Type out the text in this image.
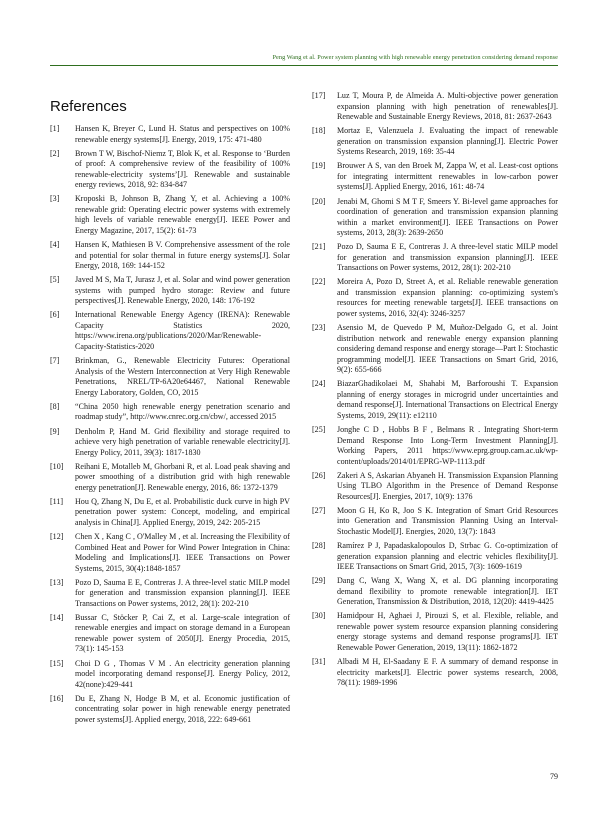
Peng Wang et al. Power system planning with high renewable energy penetration considering demand response
References
[1]	Hansen K, Breyer C, Lund H. Status and perspectives on 100% renewable energy systems[J]. Energy, 2019, 175: 471-480
[2]	Brown T W, Bischof-Niemz T, Blok K, et al. Response to ‘Burden of proof: A comprehensive review of the feasibility of 100% renewable-electricity systems’[J]. Renewable and sustainable energy reviews, 2018, 92: 834-847
[3]	Kroposki B, Johnson B, Zhang Y, et al. Achieving a 100% renewable grid: Operating electric power systems with extremely high levels of variable renewable energy[J]. IEEE Power and Energy Magazine, 2017, 15(2): 61-73
[4]	Hansen K, Mathiesen B V. Comprehensive assessment of the role and potential for solar thermal in future energy systems[J]. Solar Energy, 2018, 169: 144-152
[5]	Javed M S, Ma T, Jurasz J, et al. Solar and wind power generation systems with pumped hydro storage: Review and future perspectives[J]. Renewable Energy, 2020, 148: 176-192
[6]	International Renewable Energy Agency (IRENA): Renewable Capacity Statistics 2020, https://www.irena.org/publications/2020/Mar/Renewable-Capacity-Statistics-2020
[7]	Brinkman, G., Renewable Electricity Futures: Operational Analysis of the Western Interconnection at Very High Renewable Penetrations, NREL/TP-6A20e64467, National Renewable Energy Laboratory, Golden, CO, 2015
[8]	“China 2050 high renewable energy penetration scenario and roadmap study”, http://www.cnrec.org.cn/cbw/, accessed 2015
[9]	Denholm P, Hand M. Grid flexibility and storage required to achieve very high penetration of variable renewable electricity[J]. Energy Policy, 2011, 39(3): 1817-1830
[10]	Reihani E, Motalleb M, Ghorbani R, et al. Load peak shaving and power smoothing of a distribution grid with high renewable energy penetration[J]. Renewable energy, 2016, 86: 1372-1379
[11]	Hou Q, Zhang N, Du E, et al. Probabilistic duck curve in high PV penetration power system: Concept, modeling, and empirical analysis in China[J]. Applied Energy, 2019, 242: 205-215
[12]	Chen X , Kang C , O'Malley M , et al. Increasing the Flexibility of Combined Heat and Power for Wind Power Integration in China: Modeling and Implications[J]. IEEE Transactions on Power Systems, 2015, 30(4):1848-1857
[13]	Pozo D, Sauma E E, Contreras J. A three-level static MILP model for generation and transmission expansion planning[J]. IEEE Transactions on Power systems, 2012, 28(1): 202-210
[14]	Bussar C, Stöcker P, Cai Z, et al. Large-scale integration of renewable energies and impact on storage demand in a European renewable power system of 2050[J]. Energy Procedia, 2015, 73(1): 145-153
[15]	Choi D G , Thomas V M . An electricity generation planning model incorporating demand response[J]. Energy Policy, 2012, 42(none):429-441
[16]	Du E, Zhang N, Hodge B M, et al. Economic justification of concentrating solar power in high renewable energy penetrated power systems[J]. Applied energy, 2018, 222: 649-661
[17]	Luz T, Moura P, de Almeida A. Multi-objective power generation expansion planning with high penetration of renewables[J]. Renewable and Sustainable Energy Reviews, 2018, 81: 2637-2643
[18]	Mortaz E, Valenzuela J. Evaluating the impact of renewable generation on transmission expansion planning[J]. Electric Power Systems Research, 2019, 169: 35-44
[19]	Brouwer A S, van den Broek M, Zappa W, et al. Least-cost options for integrating intermittent renewables in low-carbon power systems[J]. Applied Energy, 2016, 161: 48-74
[20]	Jenabi M, Ghomi S M T F, Smeers Y. Bi-level game approaches for coordination of generation and transmission expansion planning within a market environment[J]. IEEE Transactions on Power systems, 2013, 28(3): 2639-2650
[21]	Pozo D, Sauma E E, Contreras J. A three-level static MILP model for generation and transmission expansion planning[J]. IEEE Transactions on Power systems, 2012, 28(1): 202-210
[22]	Moreira A, Pozo D, Street A, et al. Reliable renewable generation and transmission expansion planning: co-optimizing system's resources for meeting renewable targets[J]. IEEE transactions on power systems, 2016, 32(4): 3246-3257
[23]	Asensio M, de Quevedo P M, Muñoz-Delgado G, et al. Joint distribution network and renewable energy expansion planning considering demand response and energy storage—Part I: Stochastic programming model[J]. IEEE Transactions on Smart Grid, 2016, 9(2): 655-666
[24]	BiazarGhadikolaei M, Shahabi M, Barforoushi T. Expansion planning of energy storages in microgrid under uncertainties and demand response[J]. International Transactions on Electrical Energy Systems, 2019, 29(11): e12110
[25]	Jonghe C D , Hobbs B F , Belmans R . Integrating Short-term Demand Response Into Long-Term Investment Planning[J]. Working Papers, 2011 https://www.eprg.group.cam.ac.uk/wp-content/uploads/2014/01/EPRG-WP-1113.pdf
[26]	Zakeri A S, Askarian Abyaneh H. Transmission Expansion Planning Using TLBO Algorithm in the Presence of Demand Response Resources[J]. Energies, 2017, 10(9): 1376
[27]	Moon G H, Ko R, Joo S K. Integration of Smart Grid Resources into Generation and Transmission Planning Using an Interval-Stochastic Model[J]. Energies, 2020, 13(7): 1843
[28]	Ramírez P J, Papadaskalopoulos D, Strbac G. Co-optimization of generation expansion planning and electric vehicles flexibility[J]. IEEE Transactions on Smart Grid, 2015, 7(3): 1609-1619
[29]	Dang C, Wang X, Wang X, et al. DG planning incorporating demand flexibility to promote renewable integration[J]. IET Generation, Transmission & Distribution, 2018, 12(20): 4419-4425
[30]	Hamidpour H, Aghaei J, Pirouzi S, et al. Flexible, reliable, and renewable power system resource expansion planning considering energy storage systems and demand response programs[J]. IET Renewable Power Generation, 2019, 13(11): 1862-1872
[31]	Albadi M H, El-Saadany E F. A summary of demand response in electricity markets[J]. Electric power systems research, 2008, 78(11): 1989-1996
79
